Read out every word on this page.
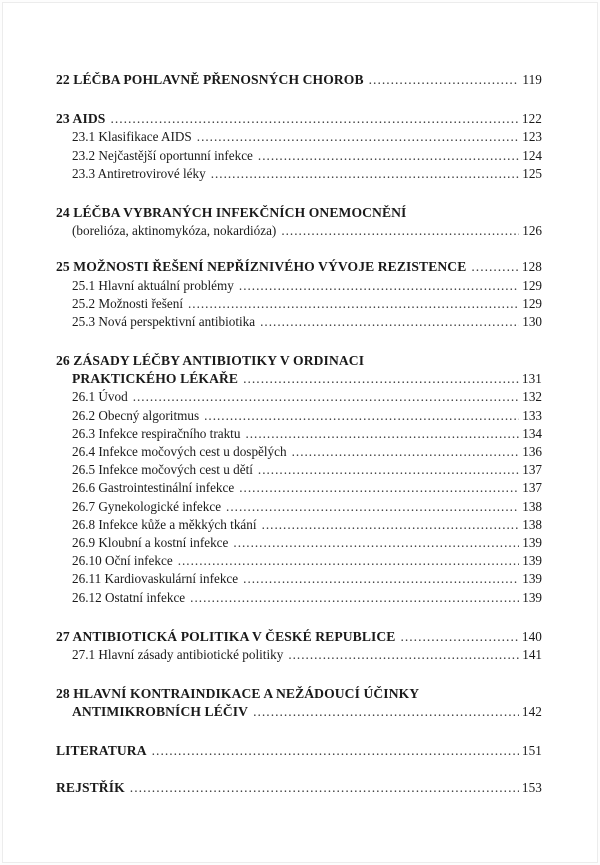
22 LÉČBA POHLAVNĚ PŘENOSNÝCH CHOROB .....	119
23 AIDS .....	122
23.1 Klasifikace AIDS .....	123
23.2 Nejčastější oportunní infekce .....	124
23.3 Antiretrovirové léky .....	125
24 LÉČBA VYBRANÝCH INFEKČNÍCH ONEMOCNĚNÍ
(borelióza, aktinomykóza, nokardióza) .....	126
25 MOŽNOSTI ŘEŠENÍ NEPŘÍZNIVÉHO VÝVOJE REZISTENCE .....	128
25.1 Hlavní aktuální problémy .....	129
25.2 Možnosti řešení .....	129
25.3 Nová perspektivní antibiotika .....	130
26 ZÁSADY LÉČBY ANTIBIOTIKY V ORDINACI
PRAKTICKÉHO LÉKAŘE .....	131
26.1 Úvod .....	132
26.2 Obecný algoritmus .....	133
26.3 Infekce respiračního traktu .....	134
26.4 Infekce močových cest u dospělých .....	136
26.5 Infekce močových cest u dětí .....	137
26.6 Gastrointestinální infekce .....	137
26.7 Gynekologické infekce .....	138
26.8 Infekce kůže a měkkých tkání .....	138
26.9 Kloubní a kostní infekce .....	139
26.10 Oční infekce .....	139
26.11 Kardiovaskulární infekce .....	139
26.12 Ostatní infekce .....	139
27 ANTIBIOTICKÁ POLITIKA V ČESKÉ REPUBLICE .....	140
27.1 Hlavní zásady antibiotické politiky .....	141
28 HLAVNÍ KONTRAINDIKACE A NEŽÁDOUCÍ ÚČINKY
ANTIMIKROBNÍCH LÉČIV .....	142
LITERATURA .....	151
REJSTŘÍK .....	153
